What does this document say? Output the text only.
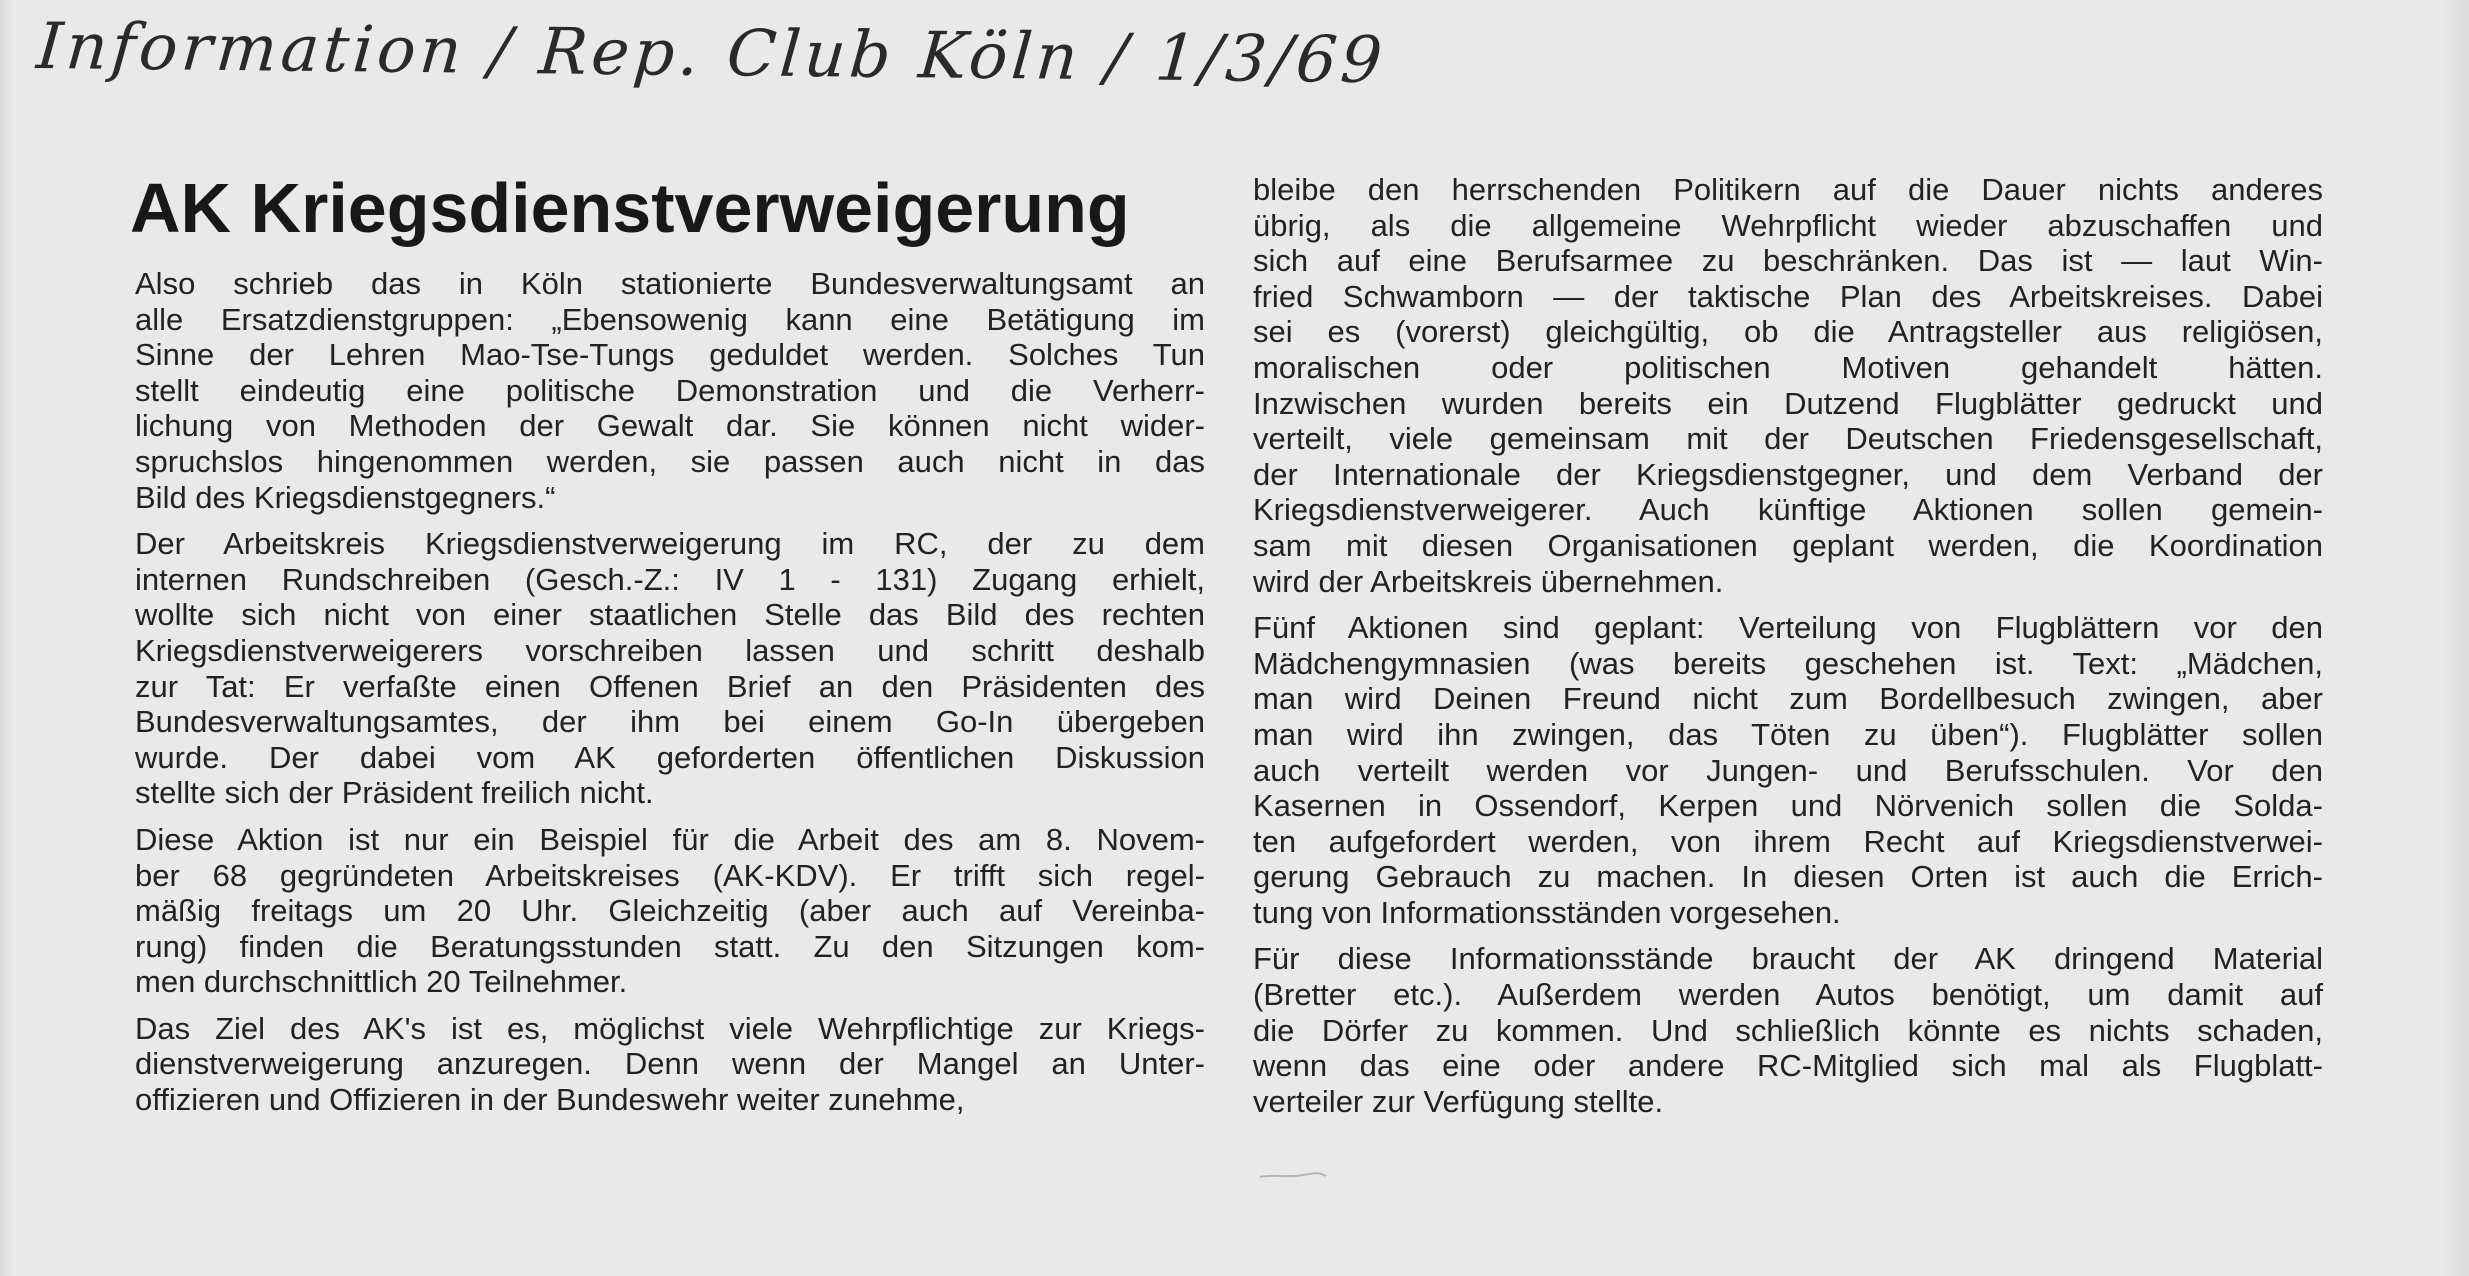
Information / Rep. Club Köln / 1/3/69
AK Kriegsdienstverweigerung
Also schrieb das in Köln stationierte Bundesverwaltungsamt an
alle Ersatzdienstgruppen: „Ebensowenig kann eine Betätigung im
Sinne der Lehren Mao-Tse-Tungs geduldet werden. Solches Tun
stellt eindeutig eine politische Demonstration und die Verherr-
lichung von Methoden der Gewalt dar. Sie können nicht wider-
spruchslos hingenommen werden, sie passen auch nicht in das
Bild des Kriegsdienstgegners.“
Der Arbeitskreis Kriegsdienstverweigerung im RC, der zu dem
internen Rundschreiben (Gesch.-Z.: IV 1 - 131) Zugang erhielt,
wollte sich nicht von einer staatlichen Stelle das Bild des rechten
Kriegsdienstverweigerers vorschreiben lassen und schritt deshalb
zur Tat: Er verfaßte einen Offenen Brief an den Präsidenten des
Bundesverwaltungsamtes, der ihm bei einem Go-In übergeben
wurde. Der dabei vom AK geforderten öffentlichen Diskussion
stellte sich der Präsident freilich nicht.
Diese Aktion ist nur ein Beispiel für die Arbeit des am 8. Novem-
ber 68 gegründeten Arbeitskreises (AK-KDV). Er trifft sich regel-
mäßig freitags um 20 Uhr. Gleichzeitig (aber auch auf Vereinba-
rung) finden die Beratungsstunden statt. Zu den Sitzungen kom-
men durchschnittlich 20 Teilnehmer.
Das Ziel des AK's ist es, möglichst viele Wehrpflichtige zur Kriegs-
dienstverweigerung anzuregen. Denn wenn der Mangel an Unter-
offizieren und Offizieren in der Bundeswehr weiter zunehme,
bleibe den herrschenden Politikern auf die Dauer nichts anderes
übrig, als die allgemeine Wehrpflicht wieder abzuschaffen und
sich auf eine Berufsarmee zu beschränken. Das ist — laut Win-
fried Schwamborn — der taktische Plan des Arbeitskreises. Dabei
sei es (vorerst) gleichgültig, ob die Antragsteller aus religiösen,
moralischen oder politischen Motiven gehandelt hätten.
Inzwischen wurden bereits ein Dutzend Flugblätter gedruckt und
verteilt, viele gemeinsam mit der Deutschen Friedensgesellschaft,
der Internationale der Kriegsdienstgegner, und dem Verband der
Kriegsdienstverweigerer. Auch künftige Aktionen sollen gemein-
sam mit diesen Organisationen geplant werden, die Koordination
wird der Arbeitskreis übernehmen.
Fünf Aktionen sind geplant: Verteilung von Flugblättern vor den
Mädchengymnasien (was bereits geschehen ist. Text: „Mädchen,
man wird Deinen Freund nicht zum Bordellbesuch zwingen, aber
man wird ihn zwingen, das Töten zu üben“). Flugblätter sollen
auch verteilt werden vor Jungen- und Berufsschulen. Vor den
Kasernen in Ossendorf, Kerpen und Nörvenich sollen die Solda-
ten aufgefordert werden, von ihrem Recht auf Kriegsdienstverwei-
gerung Gebrauch zu machen. In diesen Orten ist auch die Errich-
tung von Informationsständen vorgesehen.
Für diese Informationsstände braucht der AK dringend Material
(Bretter etc.). Außerdem werden Autos benötigt, um damit auf
die Dörfer zu kommen. Und schließlich könnte es nichts schaden,
wenn das eine oder andere RC-Mitglied sich mal als Flugblatt-
verteiler zur Verfügung stellte.
